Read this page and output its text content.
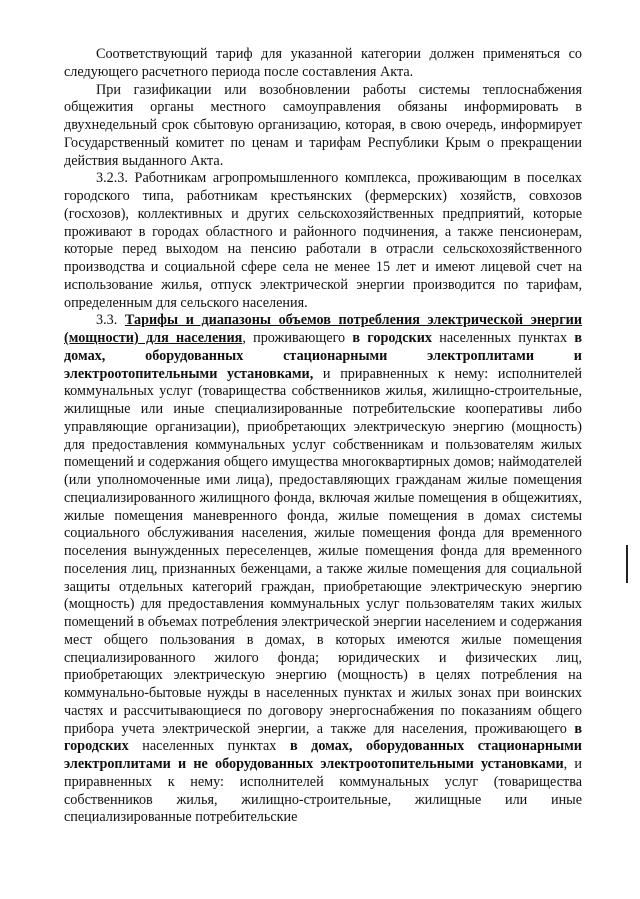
Соответствующий тариф для указанной категории должен применяться со следующего расчетного периода после составления Акта.

При газификации или возобновлении работы системы теплоснабжения общежития органы местного самоуправления обязаны информировать в двухнедельный срок сбытовую организацию, которая, в свою очередь, информирует Государственный комитет по ценам и тарифам Республики Крым о прекращении действия выданного Акта.

3.2.3. Работникам агропромышленного комплекса, проживающим в поселках городского типа, работникам крестьянских (фермерских) хозяйств, совхозов (госхозов), коллективных и других сельскохозяйственных предприятий, которые проживают в городах областного и районного подчинения, а также пенсионерам, которые перед выходом на пенсию работали в отрасли сельскохозяйственного производства и социальной сфере села не менее 15 лет и имеют лицевой счет на использование жилья, отпуск электрической энергии производится по тарифам, определенным для сельского населения.

3.3. Тарифы и диапазоны объемов потребления электрической энергии (мощности) для населения, проживающего в городских населенных пунктах в домах, оборудованных стационарными электроплитами и электроотопительными установками, и приравненных к нему: исполнителей коммунальных услуг (товарищества собственников жилья, жилищно-строительные, жилищные или иные специализированные потребительские кооперативы либо управляющие организации), приобретающих электрическую энергию (мощность) для предоставления коммунальных услуг собственникам и пользователям жилых помещений и содержания общего имущества многоквартирных домов; наймодателей (или уполномоченные ими лица), предоставляющих гражданам жилые помещения специализированного жилищного фонда, включая жилые помещения в общежитиях, жилые помещения маневренного фонда, жилые помещения в домах системы социального обслуживания населения, жилые помещения фонда для временного поселения вынужденных переселенцев, жилые помещения фонда для временного поселения лиц, признанных беженцами, а также жилые помещения для социальной защиты отдельных категорий граждан, приобретающие электрическую энергию (мощность) для предоставления коммунальных услуг пользователям таких жилых помещений в объемах потребления электрической энергии населением и содержания мест общего пользования в домах, в которых имеются жилые помещения специализированного жилого фонда; юридических и физических лиц, приобретающих электрическую энергию (мощность) в целях потребления на коммунально-бытовые нужды в населенных пунктах и жилых зонах при воинских частях и рассчитывающиеся по договору энергоснабжения по показаниям общего прибора учета электрической энергии, а также для населения, проживающего в городских населенных пунктах в домах, оборудованных стационарными электроплитами и не оборудованных электроотопительными установками, и приравненных к нему: исполнителей коммунальных услуг (товарищества собственников жилья, жилищно-строительные, жилищные или иные специализированные потребительские
